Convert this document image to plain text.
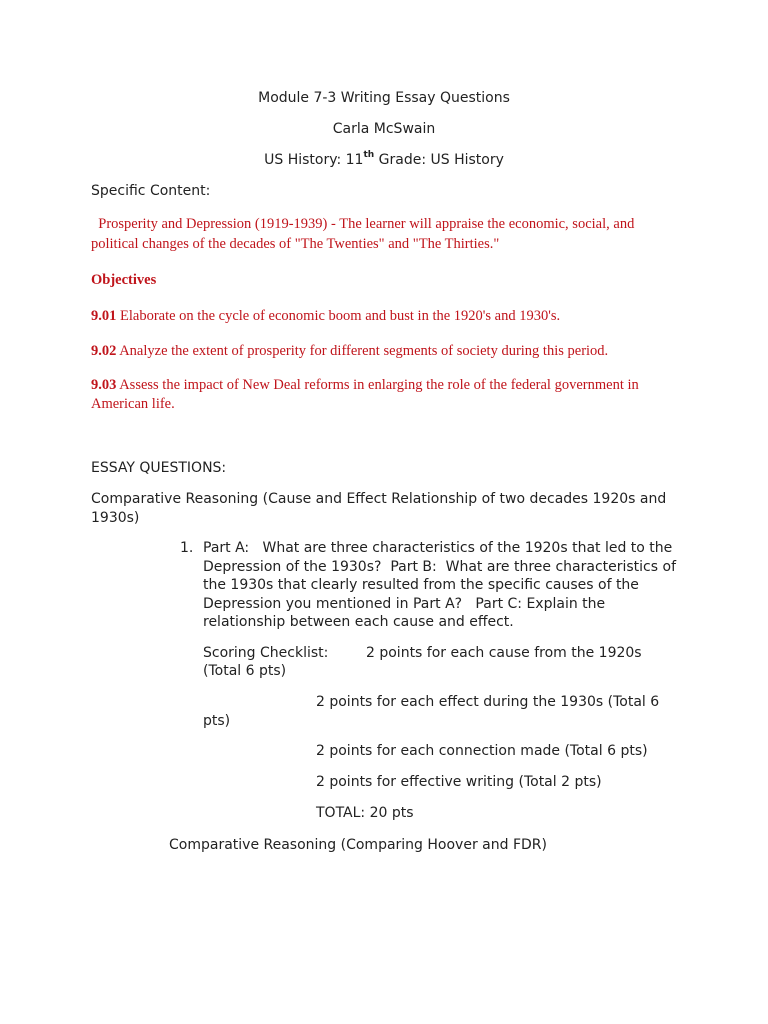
Module 7-3 Writing Essay Questions
Carla McSwain
US History: 11th Grade: US History
Specific Content:
Prosperity and Depression (1919-1939) - The learner will appraise the economic, social, and
political changes of the decades of "The Twenties" and "The Thirties."
Objectives
9.01 Elaborate on the cycle of economic boom and bust in the 1920's and 1930's.
9.02 Analyze the extent of prosperity for different segments of society during this period.
9.03 Assess the impact of New Deal reforms in enlarging the role of the federal government in
American life.
ESSAY QUESTIONS:
Comparative Reasoning (Cause and Effect Relationship of two decades 1920s and
1930s)
1. Part A:   What are three characteristics of the 1920s that led to the
Depression of the 1930s?  Part B:  What are three characteristics of
the 1930s that clearly resulted from the specific causes of the
Depression you mentioned in Part A?   Part C: Explain the
relationship between each cause and effect.
Scoring Checklist:	2 points for each cause from the 1920s
(Total 6 pts)
2 points for each effect during the 1930s (Total 6
pts)
2 points for each connection made (Total 6 pts)
2 points for effective writing (Total 2 pts)
TOTAL: 20 pts
Comparative Reasoning (Comparing Hoover and FDR)
